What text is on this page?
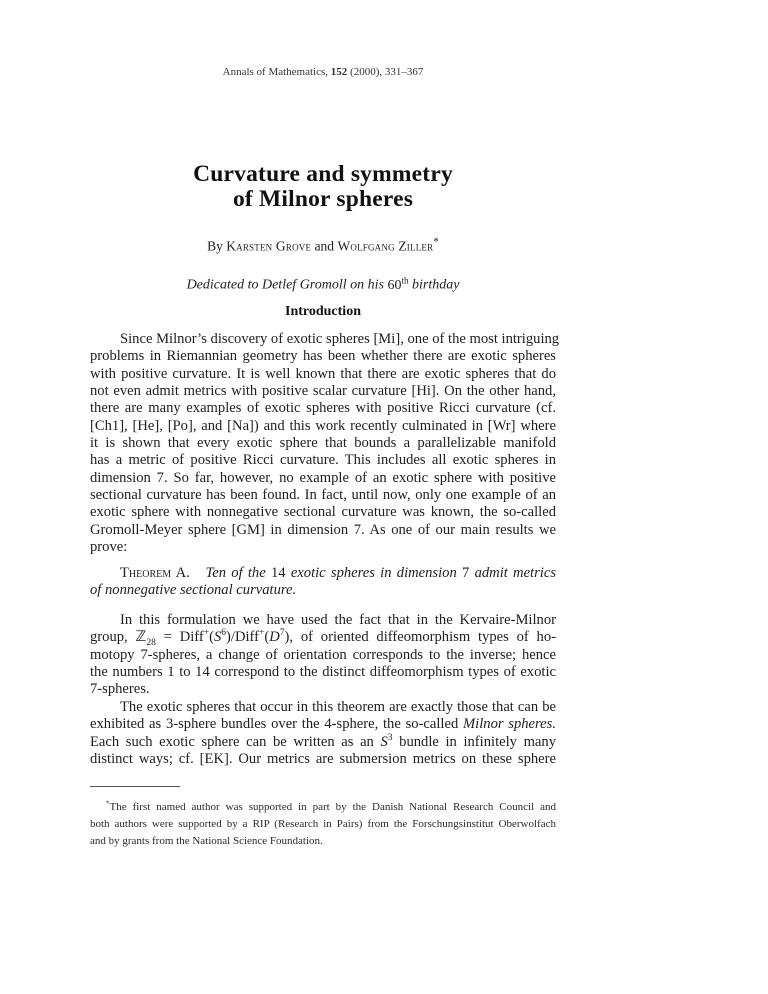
Annals of Mathematics, 152 (2000), 331–367
Curvature and symmetry
of Milnor spheres
By Karsten Grove and Wolfgang Ziller*
Dedicated to Detlef Gromoll on his 60th birthday
Introduction
Since Milnor’s discovery of exotic spheres [Mi], one of the most intriguing
problems in Riemannian geometry has been whether there are exotic spheres
with positive curvature. It is well known that there are exotic spheres that do
not even admit metrics with positive scalar curvature [Hi]. On the other hand,
there are many examples of exotic spheres with positive Ricci curvature (cf.
[Ch1], [He], [Po], and [Na]) and this work recently culminated in [Wr] where
it is shown that every exotic sphere that bounds a parallelizable manifold
has a metric of positive Ricci curvature. This includes all exotic spheres in
dimension 7. So far, however, no example of an exotic sphere with positive
sectional curvature has been found. In fact, until now, only one example of an
exotic sphere with nonnegative sectional curvature was known, the so-called
Gromoll-Meyer sphere [GM] in dimension 7. As one of our main results we
prove:
Theorem A. Ten of the 14 exotic spheres in dimension 7 admit metrics
of nonnegative sectional curvature.
In this formulation we have used the fact that in the Kervaire-Milnor
group, ℤ$_{28}$ = $Diff^+(S^6)/Diff^+(D^7)$, of oriented diffeomorphism types of ho-
motopy 7-spheres, a change of orientation corresponds to the inverse; hence
the numbers 1 to 14 correspond to the distinct diffeomorphism types of exotic
7-spheres.
The exotic spheres that occur in this theorem are exactly those that can be
exhibited as 3-sphere bundles over the 4-sphere, the so-called Milnor spheres.
Each such exotic sphere can be written as an $S^3$ bundle in infinitely many
distinct ways; cf. [EK]. Our metrics are submersion metrics on these sphere
*The first named author was supported in part by the Danish National Research Council and
both authors were supported by a RIP (Research in Pairs) from the Forschungsinstitut Oberwolfach
and by grants from the National Science Foundation.
